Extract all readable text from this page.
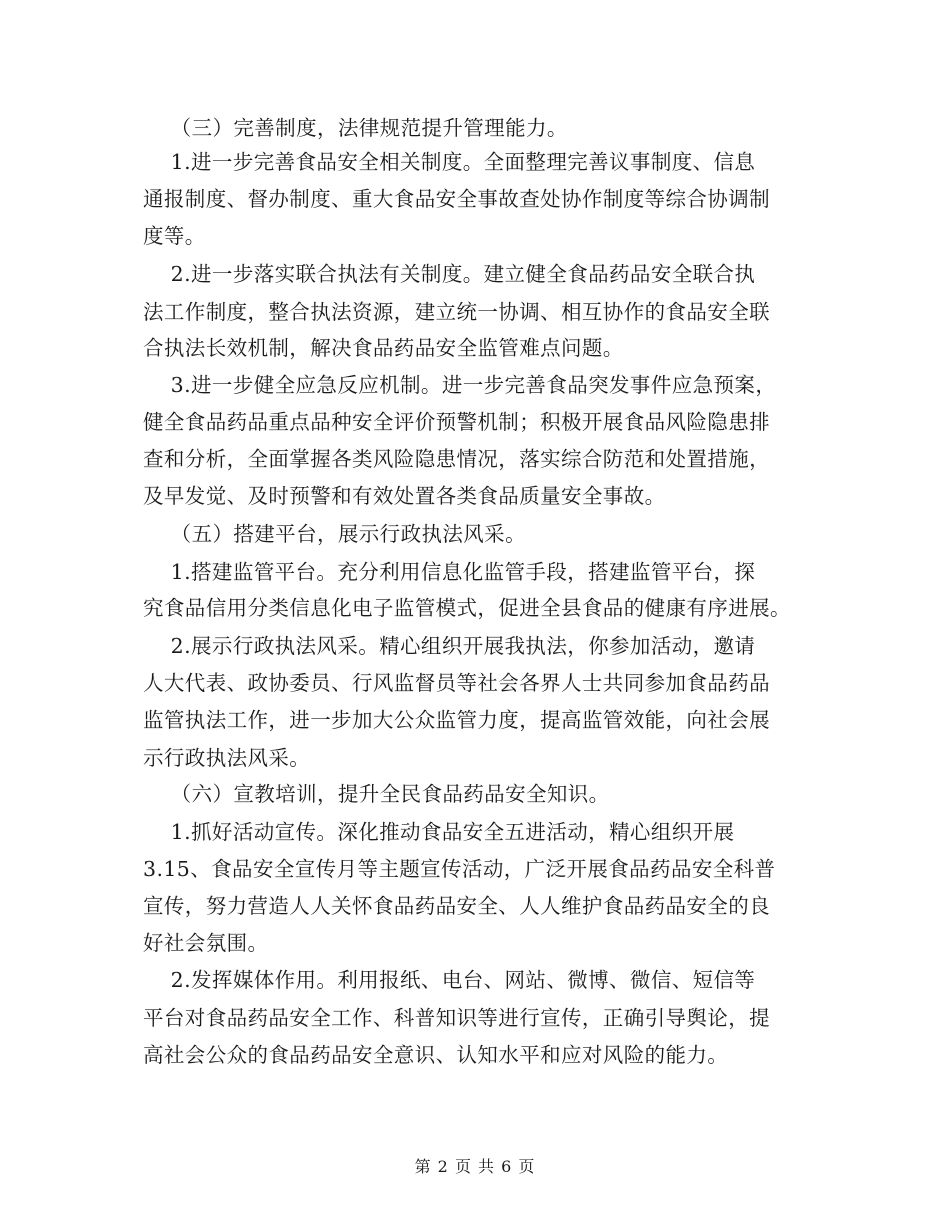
（三）完善制度，法律规范提升管理能力。
1.进一步完善食品安全相关制度。全面整理完善议事制度、信息
通报制度、督办制度、重大食品安全事故查处协作制度等综合协调制
度等。
2.进一步落实联合执法有关制度。建立健全食品药品安全联合执
法工作制度，整合执法资源，建立统一协调、相互协作的食品安全联
合执法长效机制，解决食品药品安全监管难点问题。
3.进一步健全应急反应机制。进一步完善食品突发事件应急预案，
健全食品药品重点品种安全评价预警机制；积极开展食品风险隐患排
查和分析，全面掌握各类风险隐患情况，落实综合防范和处置措施，
及早发觉、及时预警和有效处置各类食品质量安全事故。
（五）搭建平台，展示行政执法风采。
1.搭建监管平台。充分利用信息化监管手段，搭建监管平台，探
究食品信用分类信息化电子监管模式，促进全县食品的健康有序进展。
2.展示行政执法风采。精心组织开展我执法，你参加活动，邀请
人大代表、政协委员、行风监督员等社会各界人士共同参加食品药品
监管执法工作，进一步加大公众监管力度，提高监管效能，向社会展
示行政执法风采。
（六）宣教培训，提升全民食品药品安全知识。
1.抓好活动宣传。深化推动食品安全五进活动，精心组织开展
3.15、食品安全宣传月等主题宣传活动，广泛开展食品药品安全科普
宣传，努力营造人人关怀食品药品安全、人人维护食品药品安全的良
好社会氛围。
2.发挥媒体作用。利用报纸、电台、网站、微博、微信、短信等
平台对食品药品安全工作、科普知识等进行宣传，正确引导舆论，提
高社会公众的食品药品安全意识、认知水平和应对风险的能力。
第 2 页 共 6 页
